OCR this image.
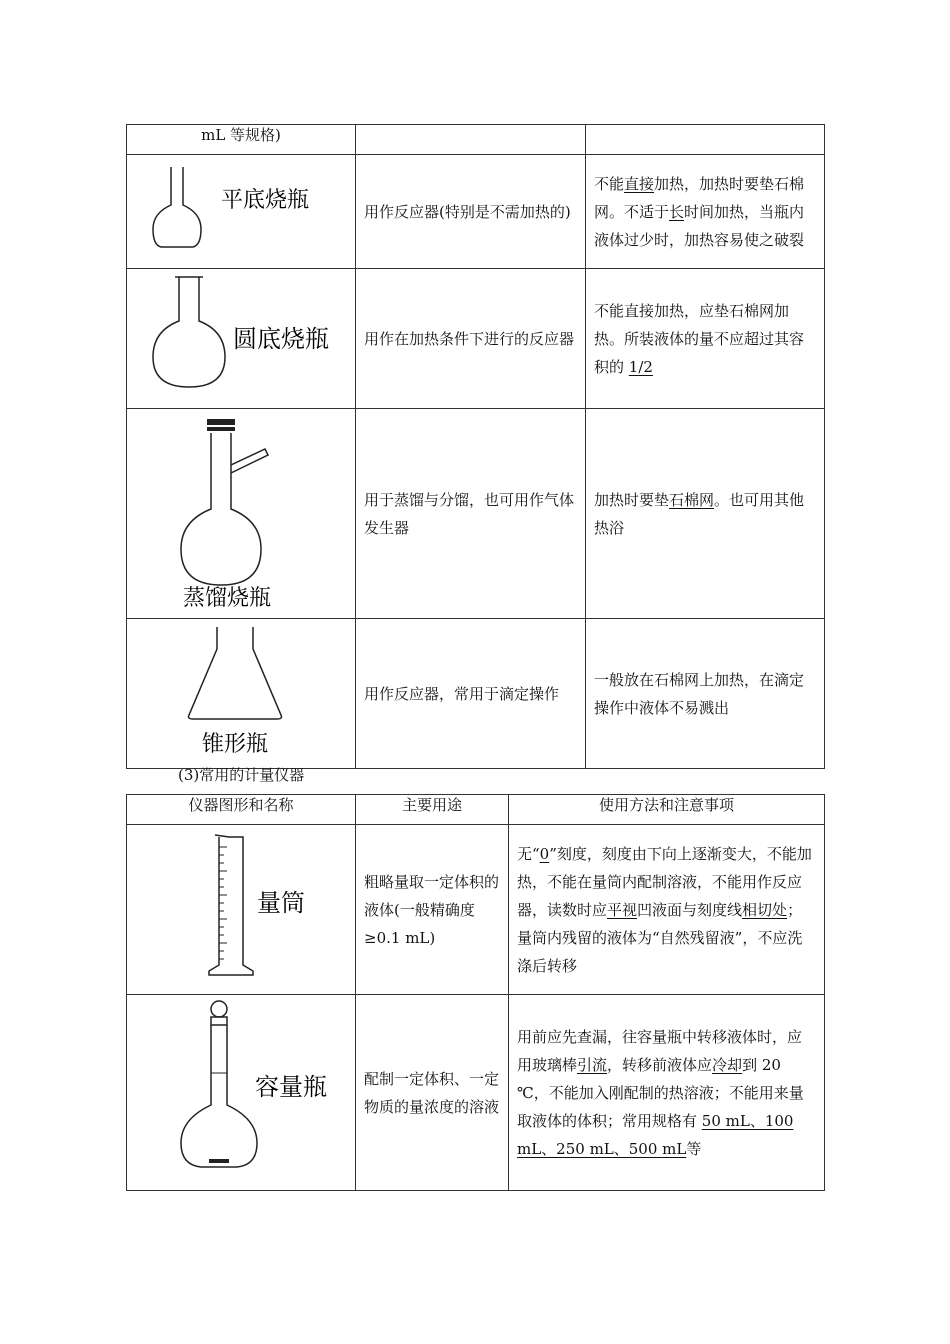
mL 等规格)		

平底烧瓶	用作反应器(特别是不需加热的)	不能直接加热，加热时要垫石棉网。不适于长时间加热，当瓶内液体过少时，加热容易使之破裂

圆底烧瓶	用作在加热条件下进行的反应器	不能直接加热，应垫石棉网加热。所装液体的量不应超过其容积的 1/2

蒸馏烧瓶	用于蒸馏与分馏，也可用作气体发生器	加热时要垫石棉网。也可用其他热浴

锥形瓶	用作反应器，常用于滴定操作	一般放在石棉网上加热，在滴定操作中液体不易溅出
(3)常用的计量仪器
仪器图形和名称	主要用途	使用方法和注意事项

量筒	粗略量取一定体积的液体(一般精确度≥0.1 mL)	无“0”刻度，刻度由下向上逐渐变大，不能加热，不能在量筒内配制溶液，不能用作反应器，读数时应平视凹液面与刻度线相切处；量筒内残留的液体为“自然残留液”，不应洗涤后转移

容量瓶	配制一定体积、一定物质的量浓度的溶液	用前应先查漏，往容量瓶中转移液体时，应用玻璃棒引流，转移前液体应冷却到 20 ℃，不能加入刚配制的热溶液；不能用来量取液体的体积；常用规格有 50 mL、100 mL、250 mL、500 mL等
